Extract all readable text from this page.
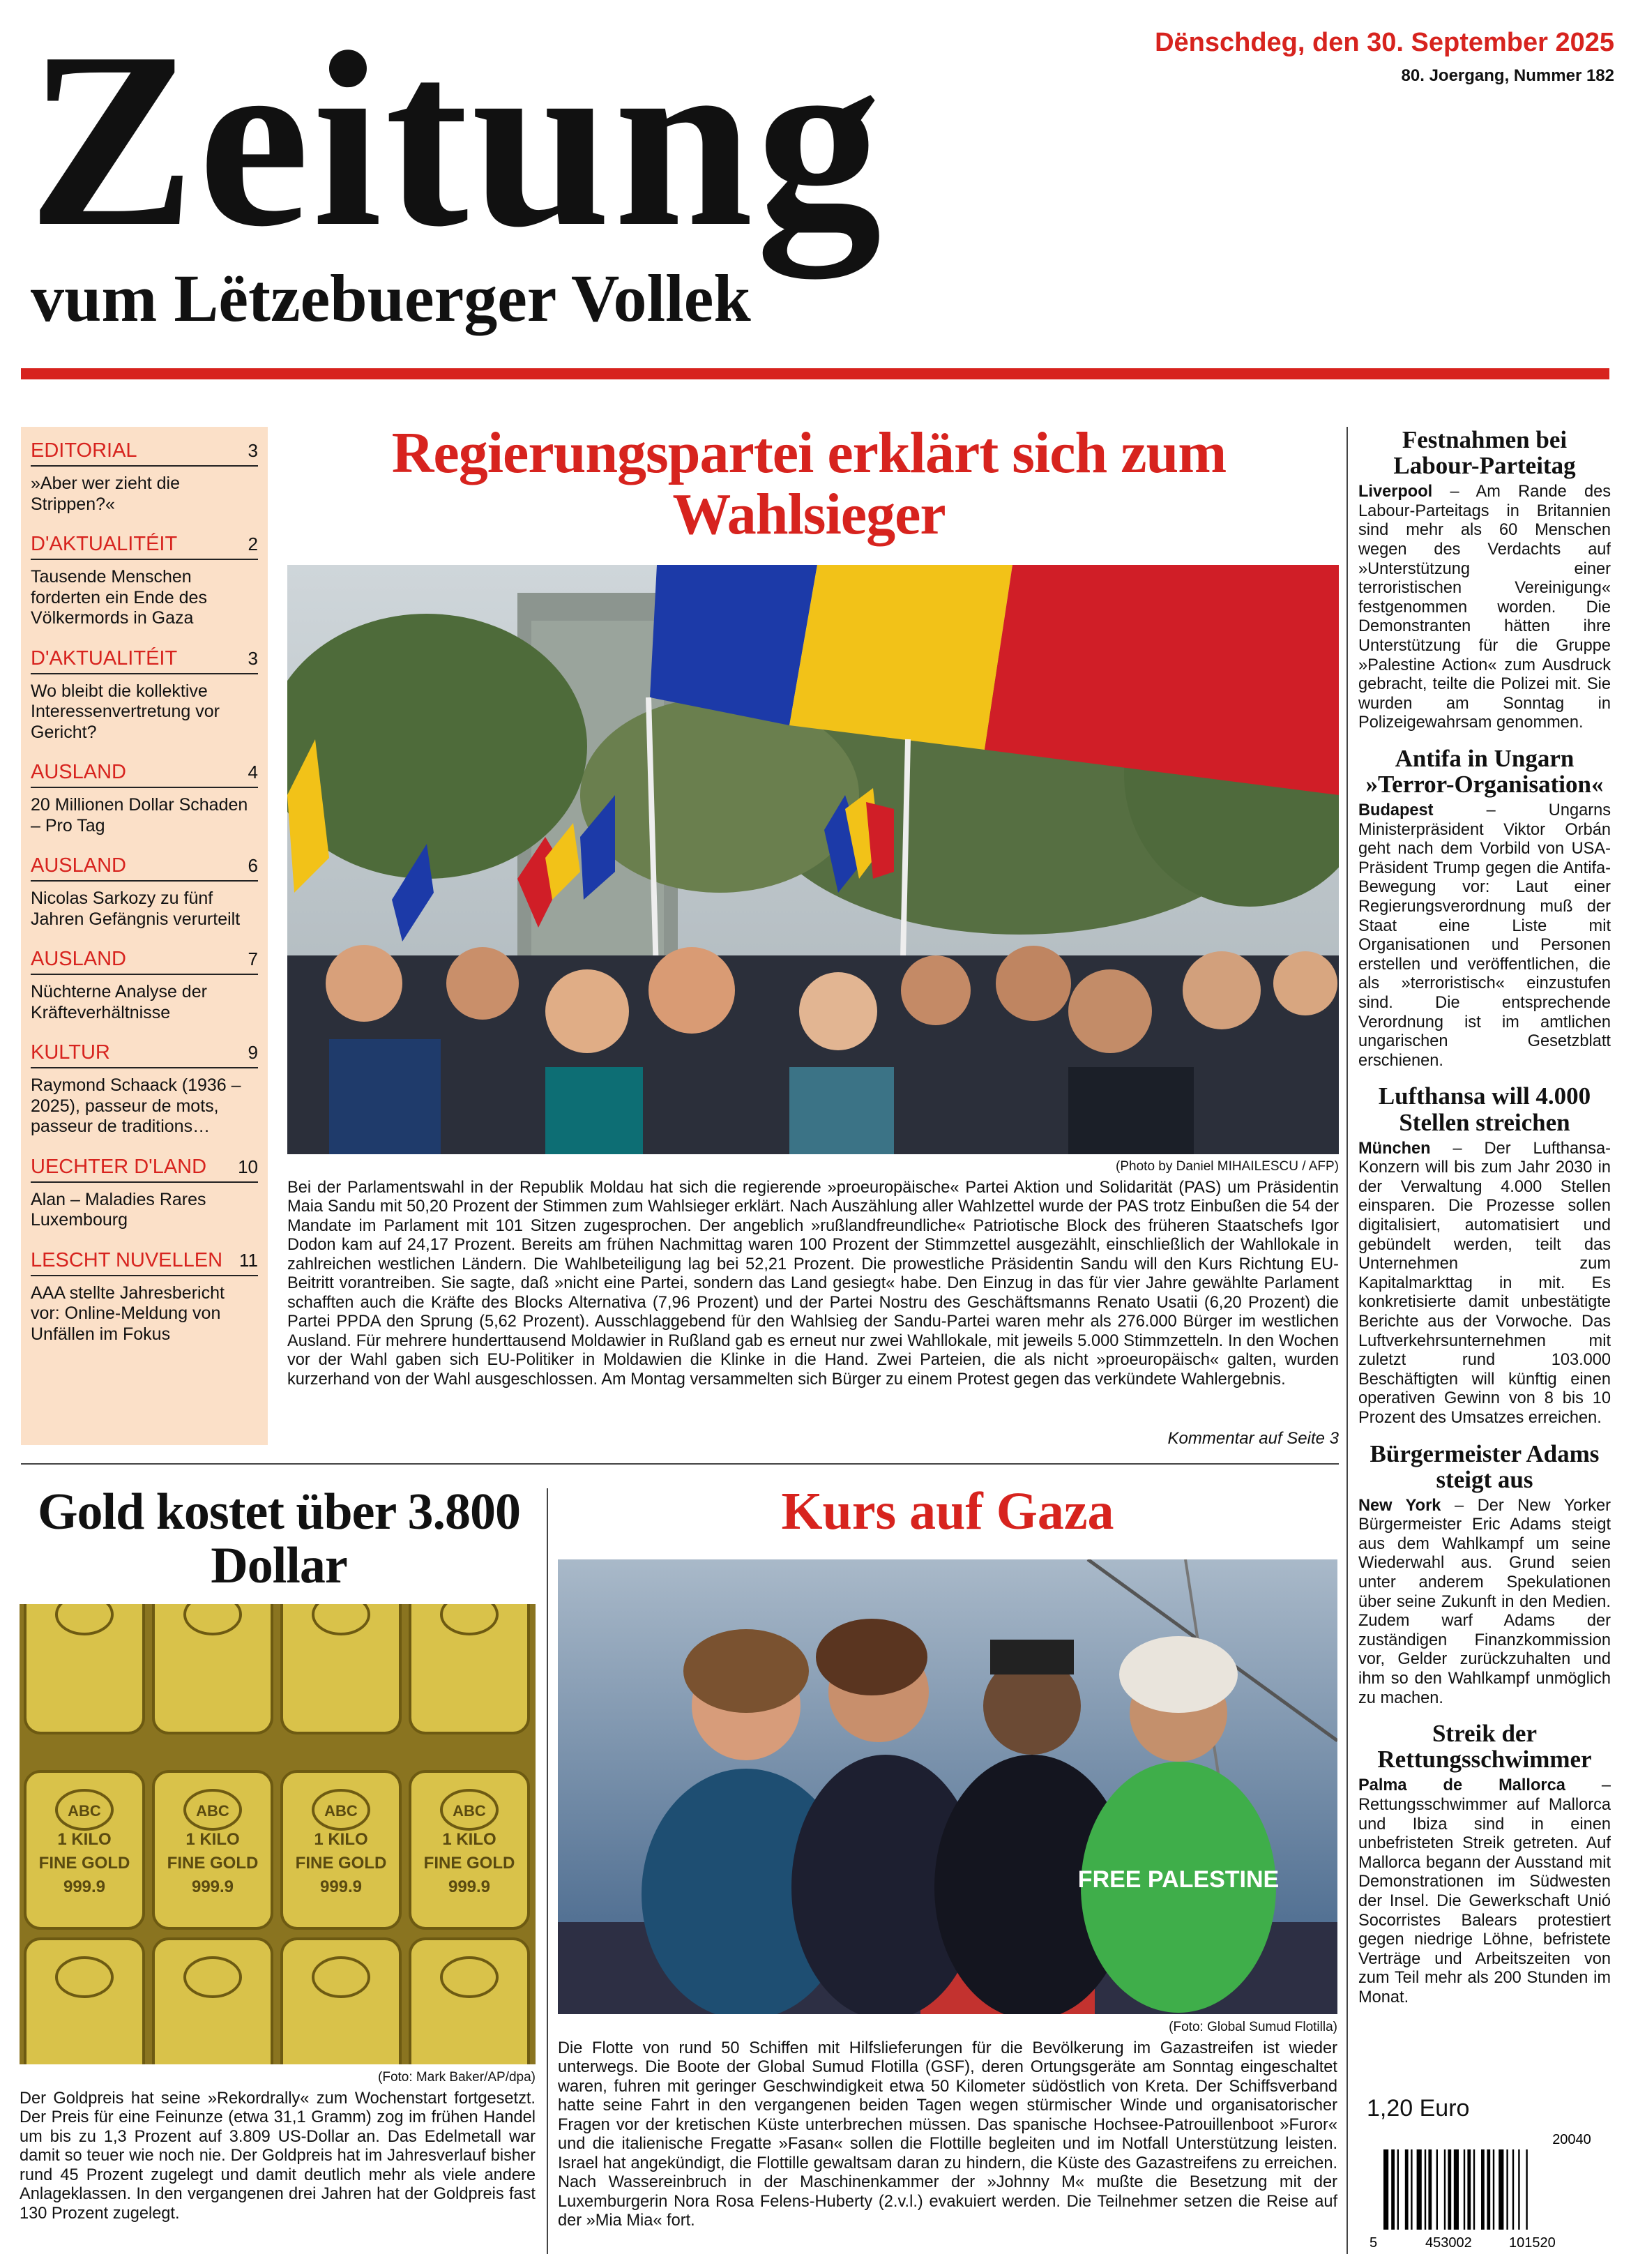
Zeitung
vum Lëtzebuerger Vollek
Dënschdeg, den 30. September 2025
80. Joergang, Nummer 182
EDITORIAL	3
»Aber wer zieht die Strippen?«
D'AKTUALITÉIT	2
Tausende Menschen forderten ein Ende des Völkermords in Gaza
D'AKTUALITÉIT	3
Wo bleibt die kollektive Interessenvertretung vor Gericht?
AUSLAND	4
20 Millionen Dollar Schaden – Pro Tag
AUSLAND	6
Nicolas Sarkozy zu fünf Jahren Gefängnis verurteilt
AUSLAND	7
Nüchterne Analyse der Kräfteverhältnisse
KULTUR	9
Raymond Schaack (1936 – 2025), passeur de mots, passeur de traditions…
UECHTER D'LAND 10
Alan – Maladies Rares Luxembourg
LESCHT NUVELLEN 11
AAA stellte Jahresbericht vor: Online-Meldung von Unfällen im Fokus
Regierungspartei erklärt sich zum Wahlsieger
(Photo by Daniel MIHAILESCU / AFP)
Bei der Parlamentswahl in der Republik Moldau hat sich die regierende »proeuropäische« Partei Aktion und Solidarität (PAS) um Präsidentin Maia Sandu mit 50,20 Prozent der Stimmen zum Wahlsieger erklärt. Nach Auszählung aller Wahlzettel wurde der PAS trotz Einbußen die 54 der Mandate im Parlament mit 101 Sitzen zugesprochen. Der angeblich »rußlandfreundliche« Patriotische Block des früheren Staatschefs Igor Dodon kam auf 24,17 Prozent. Bereits am frühen Nachmittag waren 100 Prozent der Stimmzettel ausgezählt, einschließlich der Wahllokale in zahlreichen westlichen Ländern. Die Wahlbeteiligung lag bei 52,21 Prozent. Die prowestliche Präsidentin Sandu will den Kurs Richtung EU-Beitritt vorantreiben. Sie sagte, daß »nicht eine Partei, sondern das Land gesiegt« habe. Den Einzug in das für vier Jahre gewählte Parlament schafften auch die Kräfte des Blocks Alternativa (7,96 Prozent) und der Partei Nostru des Geschäftsmanns Renato Usatii (6,20 Prozent) die Partei PPDA den Sprung (5,62 Prozent). Ausschlaggebend für den Wahlsieg der Sandu-Partei waren mehr als 276.000 Bürger im westlichen Ausland. Für mehrere hunderttausend Moldawier in Rußland gab es erneut nur zwei Wahllokale, mit jeweils 5.000 Stimmzetteln. In den Wochen vor der Wahl gaben sich EU-Politiker in Moldawien die Klinke in die Hand. Zwei Parteien, die als nicht »proeuropäisch« galten, wurden kurzerhand von der Wahl ausgeschlossen. Am Montag versammelten sich Bürger zu einem Protest gegen das verkündete Wahlergebnis.
Kommentar auf Seite 3
Gold kostet über 3.800 Dollar
ABC
1 KILO
FINE GOLD
999.9
ABC
1 KILO
FINE GOLD
999.9
ABC
1 KILO
FINE GOLD
999.9
ABC
1 KILO
FINE GOLD
999.9
(Foto: Mark Baker/AP/dpa)
Der Goldpreis hat seine »Rekordrally« zum Wochenstart fortgesetzt. Der Preis für eine Feinunze (etwa 31,1 Gramm) zog im frühen Handel um bis zu 1,3 Prozent auf 3.809 US-Dollar an. Das Edelmetall war damit so teuer wie noch nie. Der Goldpreis hat im Jahresverlauf bisher rund 45 Prozent zugelegt und damit deutlich mehr als viele andere Anlageklassen. In den vergangenen drei Jahren hat der Goldpreis fast 130 Prozent zugelegt.
Kurs auf Gaza
FREE PALESTINE
(Foto: Global Sumud Flotilla)
Die Flotte von rund 50 Schiffen mit Hilfslieferungen für die Bevölkerung im Gazastreifen ist wieder unterwegs. Die Boote der Global Sumud Flotilla (GSF), deren Ortungsgeräte am Sonntag eingeschaltet waren, fuhren mit geringer Geschwindigkeit etwa 50 Kilometer südöstlich von Kreta. Der Schiffsverband hatte seine Fahrt in den vergangenen beiden Tagen wegen stürmischer Winde und organisatorischer Fragen vor der kretischen Küste unterbrechen müssen. Das spanische Hochsee-Patrouillenboot »Furor« und die italienische Fregatte »Fasan« sollen die Flottille begleiten und im Notfall Unterstützung leisten. Israel hat angekündigt, die Flottille gewaltsam daran zu hindern, die Küste des Gazastreifens zu erreichen. Nach Wassereinbruch in der Maschinenkammer der »Johnny M« mußte die Besetzung mit der Luxemburgerin Nora Rosa Felens-Huberty (2.v.l.) evakuiert werden. Die Teilnehmer setzen die Reise auf der »Mia Mia« fort.
Festnahmen bei Labour-Parteitag
Liverpool – Am Rande des Labour-Parteitags in Britannien sind mehr als 60 Menschen wegen des Verdachts auf »Unterstützung einer terroristischen Vereinigung« festgenommen worden. Die Demonstranten hätten ihre Unterstützung für die Gruppe »Palestine Action« zum Ausdruck gebracht, teilte die Polizei mit. Sie wurden am Sonntag in Polizeigewahrsam genommen.
Antifa in Ungarn »Terror-Organisation«
Budapest – Ungarns Ministerpräsident Viktor Orbán geht nach dem Vorbild von USA-Präsident Trump gegen die Antifa-Bewegung vor: Laut einer Regierungsverordnung muß der Staat eine Liste mit Organisationen und Personen erstellen und veröffentlichen, die als »terroristisch« einzustufen sind. Die entsprechende Verordnung ist im amtlichen ungarischen Gesetzblatt erschienen.
Lufthansa will 4.000 Stellen streichen
München – Der Lufthansa-Konzern will bis zum Jahr 2030 in der Verwaltung 4.000 Stellen einsparen. Die Prozesse sollen digitalisiert, automatisiert und gebündelt werden, teilt das Unternehmen zum Kapitalmarkttag in mit. Es konkretisierte damit unbestätigte Berichte aus der Vorwoche. Das Luftverkehrsunternehmen mit zuletzt rund 103.000 Beschäftigten will künftig einen operativen Gewinn von 8 bis 10 Prozent des Umsatzes erreichen.
Bürgermeister Adams steigt aus
New York – Der New Yorker Bürgermeister Eric Adams steigt aus dem Wahlkampf um seine Wiederwahl aus. Grund seien unter anderem Spekulationen über seine Zukunft in den Medien. Zudem warf Adams der zuständigen Finanzkommission vor, Gelder zurückzuhalten und ihm so den Wahlkampf unmöglich zu machen.
Streik der Rettungsschwimmer
Palma de Mallorca – Rettungsschwimmer auf Mallorca und Ibiza sind in einen unbefristeten Streik getreten. Auf Mallorca begann der Ausstand mit Demonstrationen im Südwesten der Insel. Die Gewerkschaft Unió Socorristes Balears protestiert gegen niedrige Löhne, befristete Verträge und Arbeitszeiten von zum Teil mehr als 200 Stunden im Monat.
1,20 Euro
20040
5	453002	101520
